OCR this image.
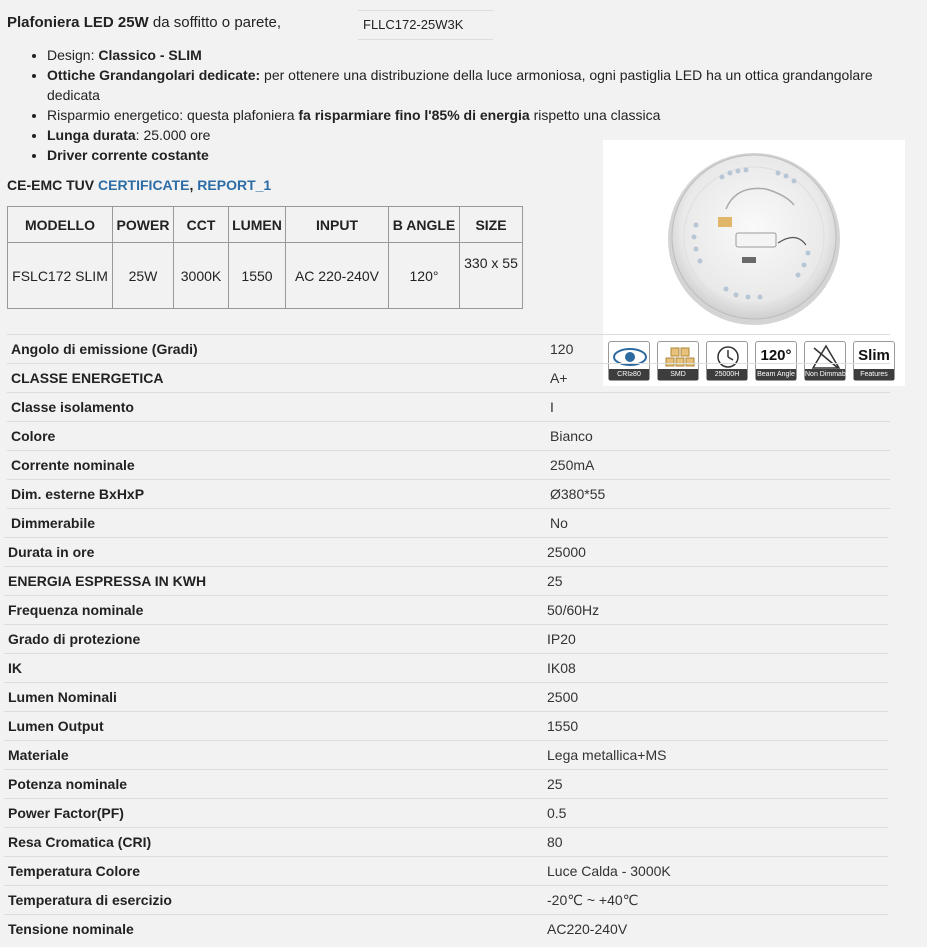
Plafoniera LED 25W da soffitto o parete,	FLLC172-25W3K
• Design: Classico - SLIM
• Ottiche Grandangolari dedicate: per ottenere una distribuzione della luce armoniosa, ogni pastiglia LED ha un ottica grandangolare dedicata
• Risparmio energetico: questa plafoniera fa risparmiare fino l'85% di energia rispetto una classica
• Lunga durata: 25.000 ore
• Driver corrente costante
CE-EMC TUV CERTIFICATE, REPORT_1
MODELLO	POWER	CCT	LUMEN	INPUT	B ANGLE	SIZE
FSLC172 SLIM	25W	3000K	1550	AC 220-240V	120°	330 x 55
CRI≥80	SMD	25000H
120°
Beam Angle Non Dimmable
Slim
Features
Angolo di emissione (Gradi)	120
CLASSE ENERGETICA	A+
Classe isolamento	I
Colore	Bianco
Corrente nominale	250mA
Dim. esterne BxHxP	Ø380*55
Dimmerabile	No
Durata in ore	25000
ENERGIA ESPRESSA IN KWH	25
Frequenza nominale	50/60Hz
Grado di protezione	IP20
IK	IK08
Lumen Nominali	2500
Lumen Output	1550
Materiale	Lega metallica+MS
Potenza nominale	25
Power Factor(PF)	0.5
Resa Cromatica (CRI)	80
Temperatura Colore	Luce Calda - 3000K
Temperatura di esercizio	-20℃ ~ +40℃
Tensione nominale	AC220-240V
